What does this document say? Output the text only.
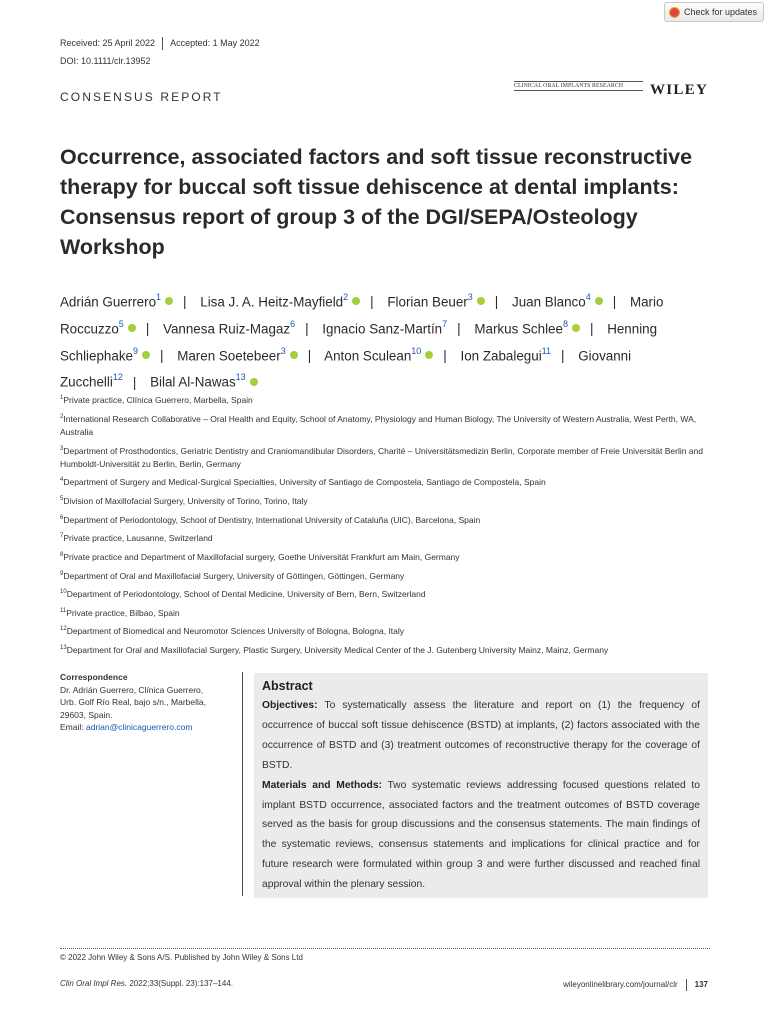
Check for updates
Received: 25 April 2022 Accepted: 1 May 2022
DOI: 10.1111/clr.13952
CONSENSUS REPORT
CLINICAL ORAL IMPLANTS RESEARCH	WILEY
Occurrence, associated factors and soft tissue reconstructive therapy for buccal soft tissue dehiscence at dental implants: Consensus report of group 3 of the DGI/SEPA/Osteology Workshop
Adrián Guerrero$^1$ | Lisa J. A. Heitz-Mayfield$^2$ | Florian Beuer$^3$ | Juan Blanco$^4$ | Mario Roccuzzo$^5$ | Vannesa Ruiz-Magaz$^6$ | Ignacio Sanz-Martín$^7$ | Markus Schlee$^8$ | Henning Schliephake$^9$ | Maren Soetebeer$^3$ | Anton Sculean$^{10}$ | Ion Zabalegui$^{11}$ | Giovanni Zucchelli$^{12}$ | Bilal Al-Nawas$^{13}$
$^1$Private practice, Clínica Guerrero, Marbella, Spain
$^2$International Research Collaborative – Oral Health and Equity, School of Anatomy, Physiology and Human Biology, The University of Western Australia, West Perth, WA, Australia
$^3$Department of Prosthodontics, Geriatric Dentistry and Craniomandibular Disorders, Charité – Universitätsmedizin Berlin, Corporate member of Freie Universität Berlin and Humboldt-Universität zu Berlin, Berlin, Germany
$^4$Department of Surgery and Medical-Surgical Specialties, University of Santiago de Compostela, Santiago de Compostela, Spain
$^5$Division of Maxillofacial Surgery, University of Torino, Torino, Italy
$^6$Department of Periodontology, School of Dentistry, International University of Cataluña (UIC), Barcelona, Spain
$^7$Private practice, Lausanne, Switzerland
$^8$Private practice and Department of Maxillofacial surgery, Goethe Universität Frankfurt am Main, Germany
$^9$Department of Oral and Maxillofacial Surgery, University of Göttingen, Göttingen, Germany
$^{10}$Department of Periodontology, School of Dental Medicine, University of Bern, Bern, Switzerland
$^{11}$Private practice, Bilbao, Spain
$^{12}$Department of Biomedical and Neuromotor Sciences University of Bologna, Bologna, Italy
$^{13}$Department for Oral and Maxillofacial Surgery, Plastic Surgery, University Medical Center of the J. Gutenberg University Mainz, Mainz, Germany
Correspondence
Dr. Adrián Guerrero, Clínica Guerrero,
Urb. Golf Río Real, bajo s/n., Marbella,
29603, Spain.
Email: adrian@clinicaguerrero.com
Abstract
Objectives: To systematically assess the literature and report on (1) the frequency of occurrence of buccal soft tissue dehiscence (BSTD) at implants, (2) factors associated with the occurrence of BSTD and (3) treatment outcomes of reconstructive therapy for the coverage of BSTD.
Materials and Methods: Two systematic reviews addressing focused questions related to implant BSTD occurrence, associated factors and the treatment outcomes of BSTD coverage served as the basis for group discussions and the consensus statements. The main findings of the systematic reviews, consensus statements and implications for clinical practice and for future research were formulated within group 3 and were further discussed and reached final approval within the plenary session.
© 2022 John Wiley & Sons A/S. Published by John Wiley & Sons Ltd
Clin Oral Impl Res. 2022;33(Suppl. 23):137–144.	wileyonlinelibrary.com/journal/clr 137
